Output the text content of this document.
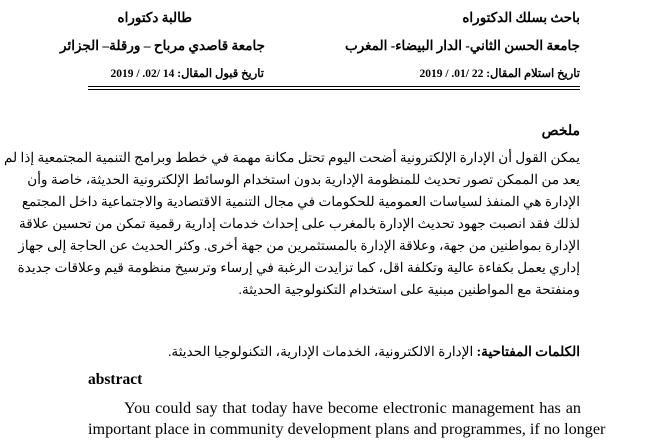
باحث بسلك الدكتوراه
جامعة الحسن الثاني- الدار البيضاء- المغرب
تاريخ استلام المقال: 22 /01. / 2019
طالبة دكتوراه
جامعة قاصدي مرباح – ورقلة– الجزائر
تاريخ قبول المقال: 14 /02. / 2019
ملخص
يمكن القول أن الإدارة الإلكترونية أضحت اليوم تحتل مكانة مهمة في خطط وبرامج التنمية المجتمعية إذا لم
يعد من الممكن تصور تحديث للمنظومة الإدارية بدون استخدام الوسائط الإلكترونية الحديثة، خاصة وأن
الإدارة هي المنفذ لسياسات العمومية للحكومات في مجال التنمية الاقتصادية والاجتماعية داخل المجتمع
لذلك فقد انصبت جهود تحديث الإدارة بالمغرب على إحداث خدمات إدارية رقمية تمكن من تحسين علاقة
الإدارة بمواطنين من جهة، وعلاقة الإدارة بالمستثمرين من جهة أخرى. وكثر الحديث عن الحاجة إلى جهاز
إداري يعمل بكفاءة عالية وتكلفة اقل، كما تزايدت الرغبة في إرساء وترسيخ منظومة قيم وعلاقات جديدة
ومنفتحة مع المواطنين مبنية على استخدام التكنولوجية الحديثة.
الكلمات المفتاحية: الإدارة الالكترونية، الخدمات الإدارية، التكنولوجيا الحديثة.
abstract
You could say that today have become electronic management has an
important place in community development plans and programmes, if no longer
